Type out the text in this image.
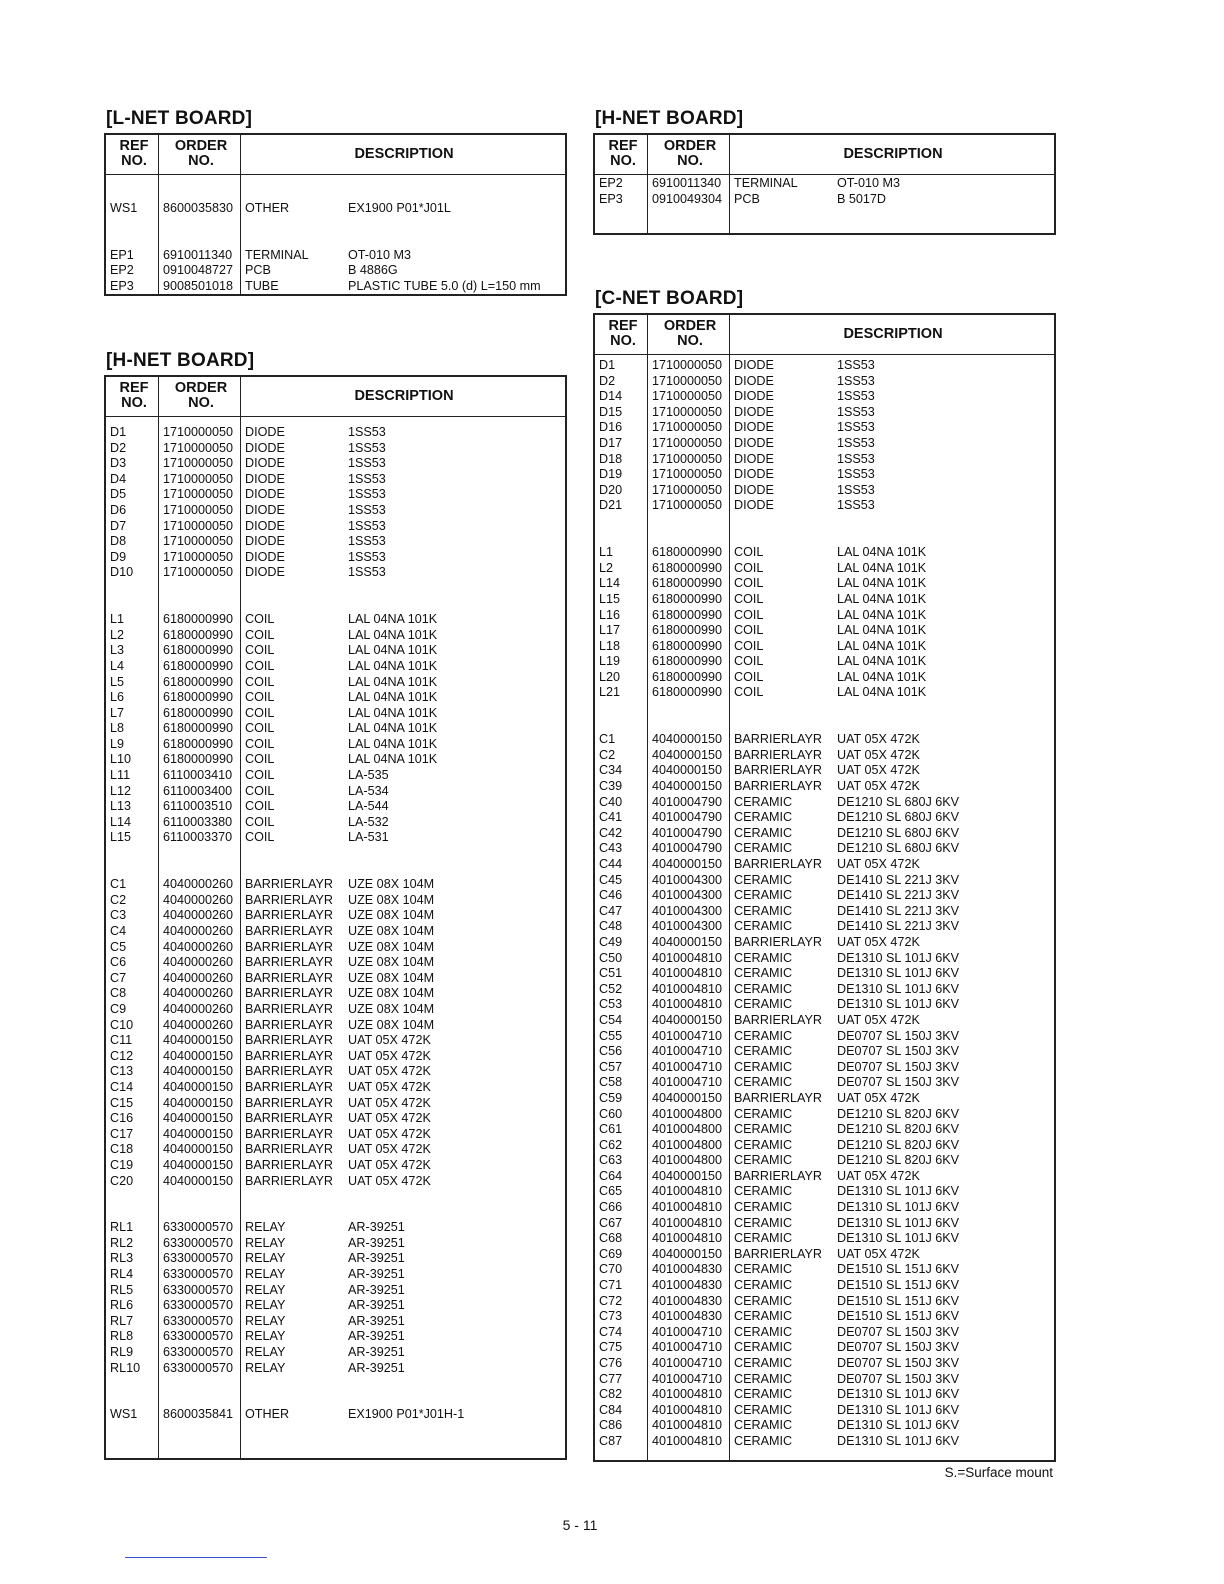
[L-NET BOARD]
REF
NO.
ORDER
NO.	DESCRIPTION
WS1 8600035830 OTHER	EX1900 P01*J01L
EP1 6910011340 TERMINAL	OT-010 M3
EP2 0910048727 PCB	B 4886G
EP3 9008501018 TUBE	PLASTIC TUBE 5.0 (d) L=150 mm
[H-NET BOARD]
REF
NO.
ORDER
NO.	DESCRIPTION
D1	1710000050 DIODE	1SS53
D2	1710000050 DIODE	1SS53
D3	1710000050 DIODE	1SS53
D4	1710000050 DIODE	1SS53
D5	1710000050 DIODE	1SS53
D6	1710000050 DIODE	1SS53
D7	1710000050 DIODE	1SS53
D8	1710000050 DIODE	1SS53
D9	1710000050 DIODE	1SS53
D10 1710000050 DIODE	1SS53
L1	6180000990 COIL	LAL 04NA 101K
L2	6180000990 COIL	LAL 04NA 101K
L3	6180000990 COIL	LAL 04NA 101K
L4	6180000990 COIL	LAL 04NA 101K
L5	6180000990 COIL	LAL 04NA 101K
L6	6180000990 COIL	LAL 04NA 101K
L7	6180000990 COIL	LAL 04NA 101K
L8	6180000990 COIL	LAL 04NA 101K
L9	6180000990 COIL	LAL 04NA 101K
L10	6180000990 COIL	LAL 04NA 101K
L11	6110003410 COIL	LA-535
L12	6110003400 COIL	LA-534
L13	6110003510 COIL	LA-544
L14	6110003380 COIL	LA-532
L15	6110003370 COIL	LA-531
C1	4040000260 BARRIERLAYR UZE 08X 104M
C2	4040000260 BARRIERLAYR UZE 08X 104M
C3	4040000260 BARRIERLAYR UZE 08X 104M
C4	4040000260 BARRIERLAYR UZE 08X 104M
C5	4040000260 BARRIERLAYR UZE 08X 104M
C6	4040000260 BARRIERLAYR UZE 08X 104M
C7	4040000260 BARRIERLAYR UZE 08X 104M
C8	4040000260 BARRIERLAYR UZE 08X 104M
C9	4040000260 BARRIERLAYR UZE 08X 104M
C10 4040000260 BARRIERLAYR UZE 08X 104M
C11 4040000150 BARRIERLAYR UAT 05X 472K
C12 4040000150 BARRIERLAYR UAT 05X 472K
C13 4040000150 BARRIERLAYR UAT 05X 472K
C14 4040000150 BARRIERLAYR UAT 05X 472K
C15 4040000150 BARRIERLAYR UAT 05X 472K
C16 4040000150 BARRIERLAYR UAT 05X 472K
C17 4040000150 BARRIERLAYR UAT 05X 472K
C18 4040000150 BARRIERLAYR UAT 05X 472K
C19 4040000150 BARRIERLAYR UAT 05X 472K
C20 4040000150 BARRIERLAYR UAT 05X 472K
RL1 6330000570 RELAY	AR-39251
RL2 6330000570 RELAY	AR-39251
RL3 6330000570 RELAY	AR-39251
RL4 6330000570 RELAY	AR-39251
RL5 6330000570 RELAY	AR-39251
RL6 6330000570 RELAY	AR-39251
RL7 6330000570 RELAY	AR-39251
RL8 6330000570 RELAY	AR-39251
RL9 6330000570 RELAY	AR-39251
RL10 6330000570 RELAY	AR-39251
WS1 8600035841 OTHER	EX1900 P01*J01H-1
[H-NET BOARD]
REF
NO.
ORDER
NO.	DESCRIPTION
EP2 6910011340 TERMINAL	OT-010 M3
EP3 0910049304 PCB	B 5017D
[C-NET BOARD]
REF
NO.
ORDER
NO.	DESCRIPTION
D1	1710000050 DIODE	1SS53
D2	1710000050 DIODE	1SS53
D14 1710000050 DIODE	1SS53
D15 1710000050 DIODE	1SS53
D16 1710000050 DIODE	1SS53
D17 1710000050 DIODE	1SS53
D18 1710000050 DIODE	1SS53
D19 1710000050 DIODE	1SS53
D20 1710000050 DIODE	1SS53
D21 1710000050 DIODE	1SS53
L1	6180000990 COIL	LAL 04NA 101K
L2	6180000990 COIL	LAL 04NA 101K
L14	6180000990 COIL	LAL 04NA 101K
L15	6180000990 COIL	LAL 04NA 101K
L16	6180000990 COIL	LAL 04NA 101K
L17	6180000990 COIL	LAL 04NA 101K
L18	6180000990 COIL	LAL 04NA 101K
L19	6180000990 COIL	LAL 04NA 101K
L20	6180000990 COIL	LAL 04NA 101K
L21	6180000990 COIL	LAL 04NA 101K
C1	4040000150 BARRIERLAYR UAT 05X 472K
C2	4040000150 BARRIERLAYR UAT 05X 472K
C34 4040000150 BARRIERLAYR UAT 05X 472K
C39 4040000150 BARRIERLAYR UAT 05X 472K
C40 4010004790 CERAMIC	DE1210 SL 680J 6KV
C41 4010004790 CERAMIC	DE1210 SL 680J 6KV
C42 4010004790 CERAMIC	DE1210 SL 680J 6KV
C43 4010004790 CERAMIC	DE1210 SL 680J 6KV
C44 4040000150 BARRIERLAYR UAT 05X 472K
C45 4010004300 CERAMIC	DE1410 SL 221J 3KV
C46 4010004300 CERAMIC	DE1410 SL 221J 3KV
C47 4010004300 CERAMIC	DE1410 SL 221J 3KV
C48 4010004300 CERAMIC	DE1410 SL 221J 3KV
C49 4040000150 BARRIERLAYR UAT 05X 472K
C50 4010004810 CERAMIC	DE1310 SL 101J 6KV
C51 4010004810 CERAMIC	DE1310 SL 101J 6KV
C52 4010004810 CERAMIC	DE1310 SL 101J 6KV
C53 4010004810 CERAMIC	DE1310 SL 101J 6KV
C54 4040000150 BARRIERLAYR UAT 05X 472K
C55 4010004710 CERAMIC	DE0707 SL 150J 3KV
C56 4010004710 CERAMIC	DE0707 SL 150J 3KV
C57 4010004710 CERAMIC	DE0707 SL 150J 3KV
C58 4010004710 CERAMIC	DE0707 SL 150J 3KV
C59 4040000150 BARRIERLAYR UAT 05X 472K
C60 4010004800 CERAMIC	DE1210 SL 820J 6KV
C61 4010004800 CERAMIC	DE1210 SL 820J 6KV
C62 4010004800 CERAMIC	DE1210 SL 820J 6KV
C63 4010004800 CERAMIC	DE1210 SL 820J 6KV
C64 4040000150 BARRIERLAYR UAT 05X 472K
C65 4010004810 CERAMIC	DE1310 SL 101J 6KV
C66 4010004810 CERAMIC	DE1310 SL 101J 6KV
C67 4010004810 CERAMIC	DE1310 SL 101J 6KV
C68 4010004810 CERAMIC	DE1310 SL 101J 6KV
C69 4040000150 BARRIERLAYR UAT 05X 472K
C70 4010004830 CERAMIC	DE1510 SL 151J 6KV
C71 4010004830 CERAMIC	DE1510 SL 151J 6KV
C72 4010004830 CERAMIC	DE1510 SL 151J 6KV
C73 4010004830 CERAMIC	DE1510 SL 151J 6KV
C74 4010004710 CERAMIC	DE0707 SL 150J 3KV
C75 4010004710 CERAMIC	DE0707 SL 150J 3KV
C76 4010004710 CERAMIC	DE0707 SL 150J 3KV
C77 4010004710 CERAMIC	DE0707 SL 150J 3KV
C82 4010004810 CERAMIC	DE1310 SL 101J 6KV
C84 4010004810 CERAMIC	DE1310 SL 101J 6KV
C86 4010004810 CERAMIC	DE1310 SL 101J 6KV
C87 4010004810 CERAMIC	DE1310 SL 101J 6KV
S.=Surface mount
5 - 11
